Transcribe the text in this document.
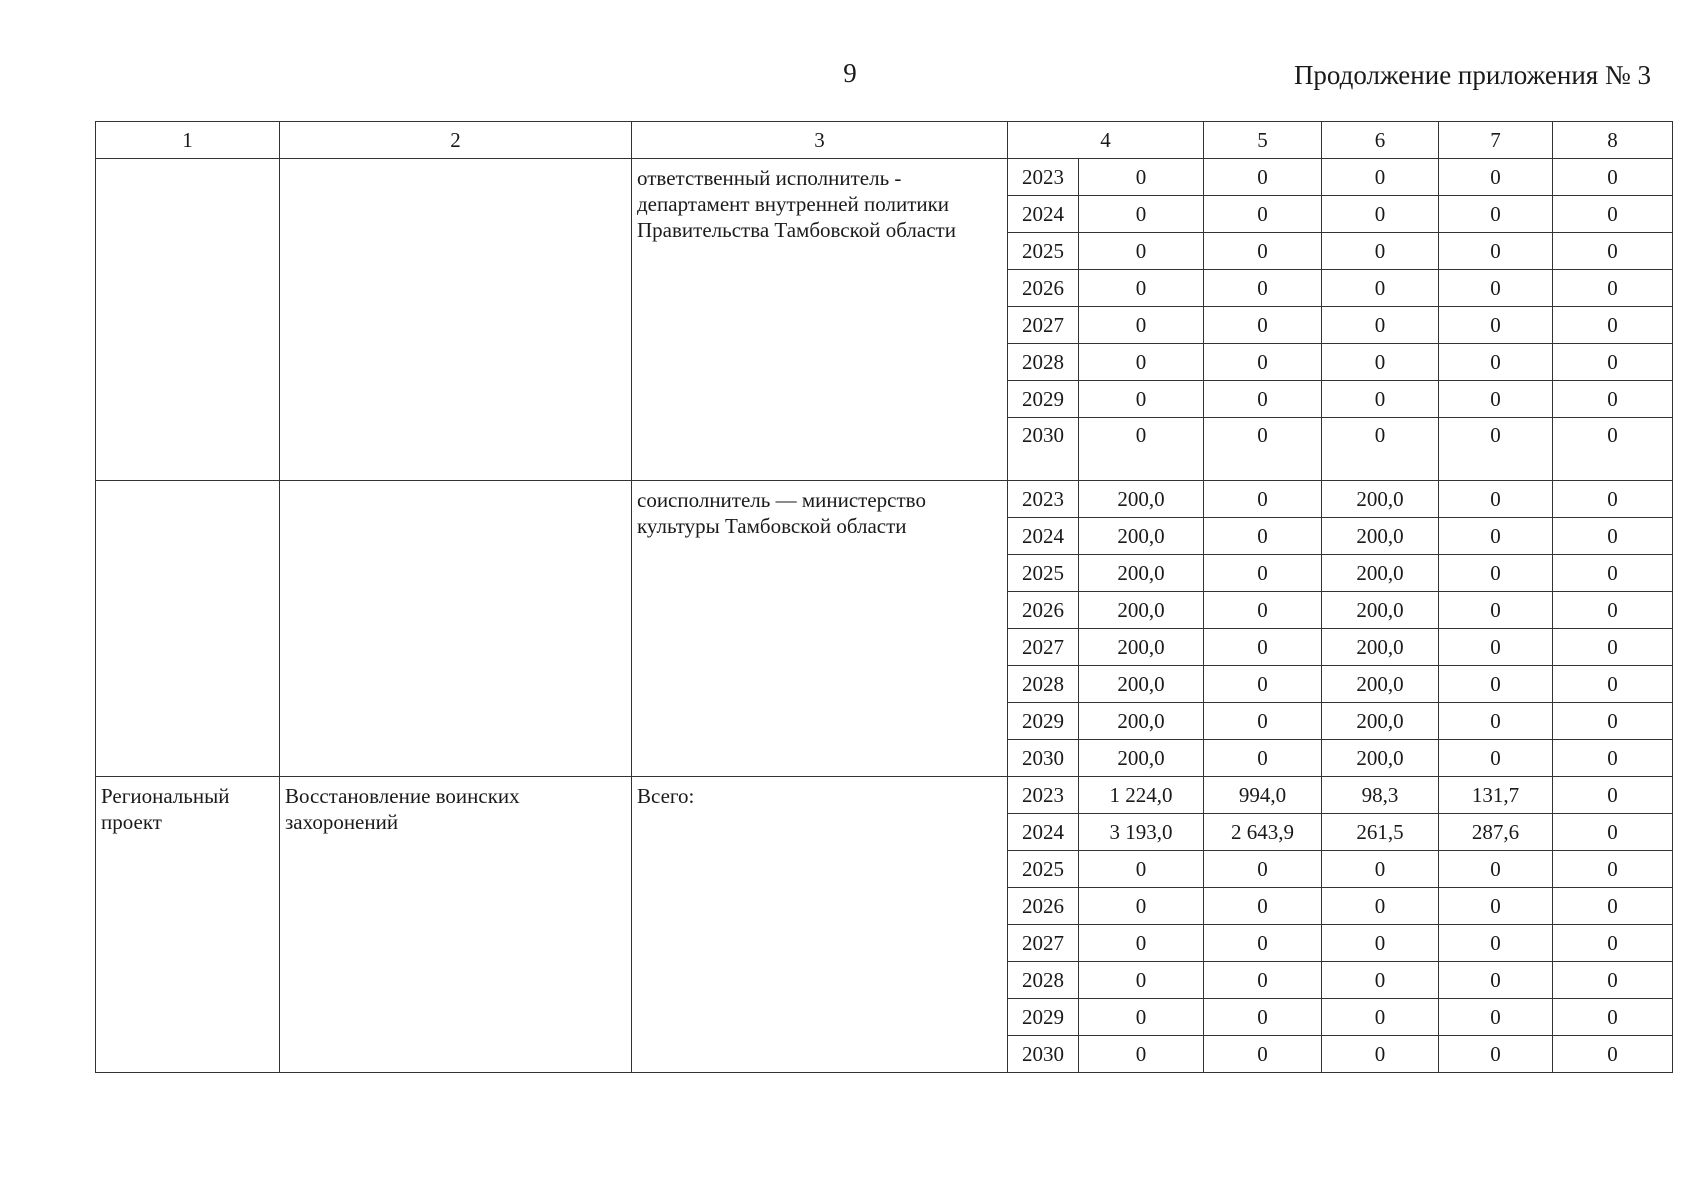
9	Продолжение приложения № 3
1	2	3	4		5	6	7	8
		ответственный исполнитель - департамент внутренней политики Правительства Тамбовской области	2023	0	0	0	0	0
			2024	0	0	0	0	0
			2025	0	0	0	0	0
			2026	0	0	0	0	0
			2027	0	0	0	0	0
			2028	0	0	0	0	0
			2029	0	0	0	0	0
			2030	0	0	0	0	0
		соисполнитель — министерство культуры Тамбовской области	2023	200,0	0	200,0	0	0
			2024	200,0	0	200,0	0	0
			2025	200,0	0	200,0	0	0
			2026	200,0	0	200,0	0	0
			2027	200,0	0	200,0	0	0
			2028	200,0	0	200,0	0	0
			2029	200,0	0	200,0	0	0
			2030	200,0	0	200,0	0	0
Региональный проект	Восстановление воинских захоронений	Всего:	2023	1 224,0	994,0	98,3	131,7	0
			2024	3 193,0	2 643,9	261,5	287,6	0
			2025	0	0	0	0	0
			2026	0	0	0	0	0
			2027	0	0	0	0	0
			2028	0	0	0	0	0
			2029	0	0	0	0	0
			2030	0	0	0	0	0
